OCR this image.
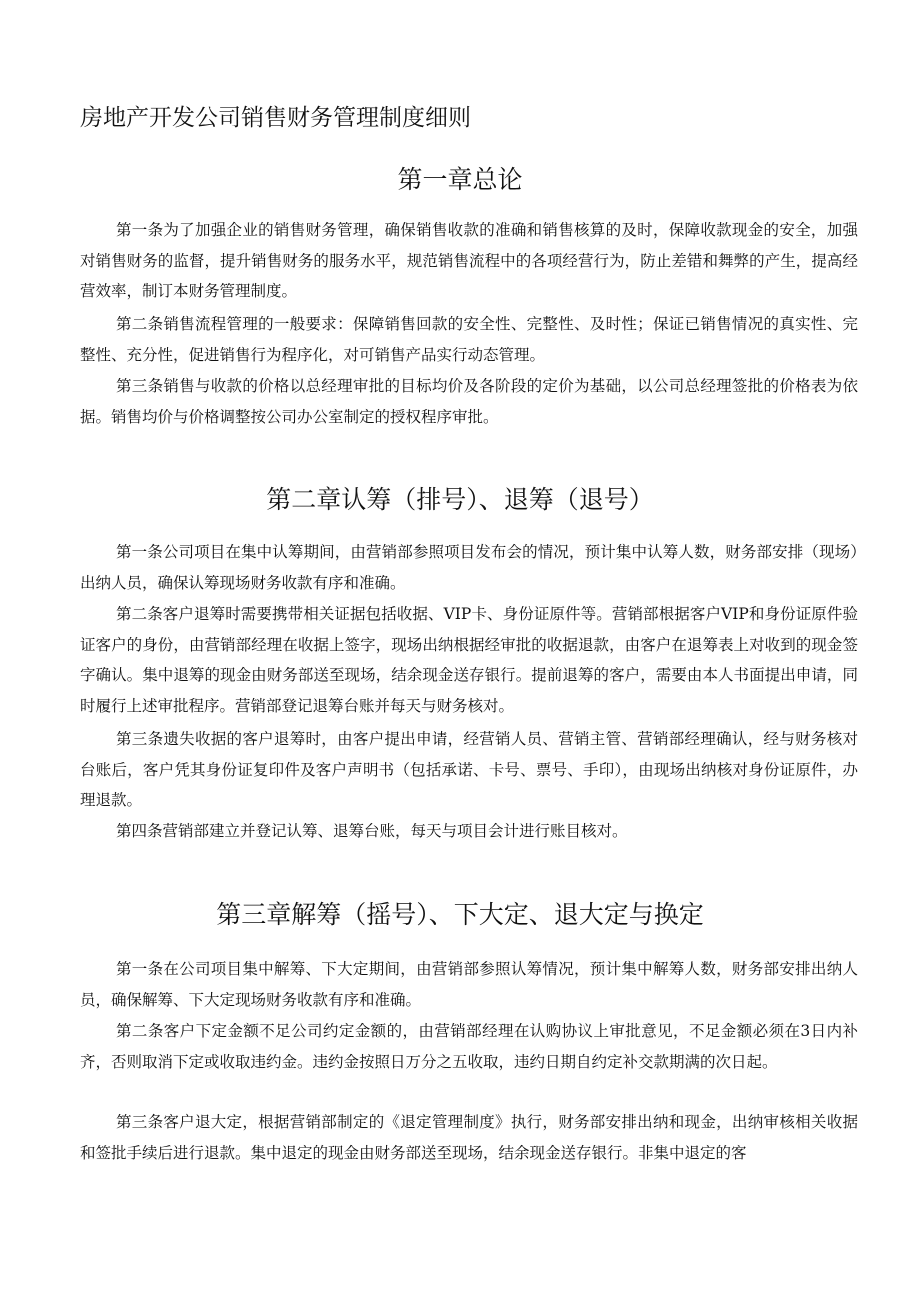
房地产开发公司销售财务管理制度细则
第一章总论

第一条为了加强企业的销售财务管理，确保销售收款的准确和销售核算的及时，保障收款现金的安全，加强对销售财务的监督，提升销售财务的服务水平，规范销售流程中的各项经营行为，防止差错和舞弊的产生，提高经营效率，制订本财务管理制度。

第二条销售流程管理的一般要求：保障销售回款的安全性、完整性、及时性；保证已销售情况的真实性、完整性、充分性，促进销售行为程序化，对可销售产品实行动态管理。

第三条销售与收款的价格以总经理审批的目标均价及各阶段的定价为基础，以公司总经理签批的价格表为依据。销售均价与价格调整按公司办公室制定的授权程序审批。

第二章认筹（排号）、退筹（退号）

第一条公司项目在集中认筹期间，由营销部参照项目发布会的情况，预计集中认筹人数，财务部安排（现场）出纳人员，确保认筹现场财务收款有序和准确。

第二条客户退筹时需要携带相关证据包括收据、VIP卡、身份证原件等。营销部根据客户VIP和身份证原件验证客户的身份，由营销部经理在收据上签字，现场出纳根据经审批的收据退款，由客户在退筹表上对收到的现金签字确认。集中退筹的现金由财务部送至现场，结余现金送存银行。提前退筹的客户，需要由本人书面提出申请，同时履行上述审批程序。营销部登记退筹台账并每天与财务核对。

第三条遗失收据的客户退筹时，由客户提出申请，经营销人员、营销主管、营销部经理确认，经与财务核对台账后，客户凭其身份证复印件及客户声明书（包括承诺、卡号、票号、手印），由现场出纳核对身份证原件，办理退款。

第四条营销部建立并登记认筹、退筹台账，每天与项目会计进行账目核对。

第三章解筹（摇号）、下大定、退大定与换定

第一条在公司项目集中解筹、下大定期间，由营销部参照认筹情况，预计集中解筹人数，财务部安排出纳人员，确保解筹、下大定现场财务收款有序和准确。

第二条客户下定金额不足公司约定金额的，由营销部经理在认购协议上审批意见，不足金额必须在3日内补齐，否则取消下定或收取违约金。违约金按照日万分之五收取，违约日期自约定补交款期满的次日起。

第三条客户退大定，根据营销部制定的《退定管理制度》执行，财务部安排出纳和现金，出纳审核相关收据和签批手续后进行退款。集中退定的现金由财务部送至现场，结余现金送存银行。非集中退定的客
